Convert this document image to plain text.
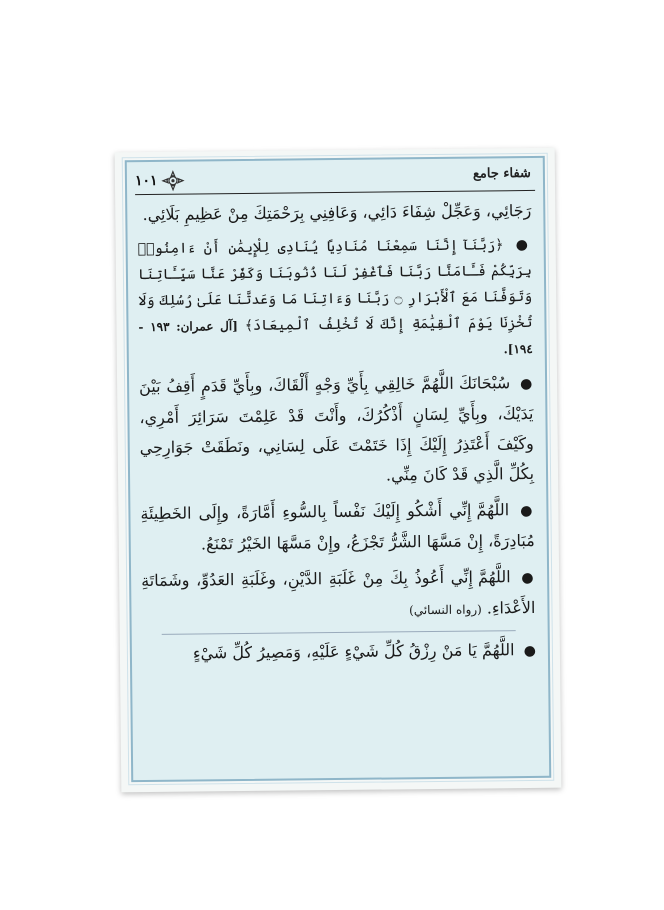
شفاء جامع
١٠١

رَجَائِي، وَعَجِّلْ شِفَاءَ دَائِي، وَعَافِنِي بِرَحْمَتِكَ مِنْ عَظِيمِ بَلَائِي.

● ﴿رَبَّنَآ إِنَّنَا سَمِعْنَا مُنَادِيًا يُنَادِى لِلْإِيمَٰنِ أَنْ ءَامِنُوا۟ بِرَبِّكُمْ فَـَٔامَنَّا رَبَّنَا فَٱغْفِرْ لَنَا ذُنُوبَنَا وَكَفِّرْ عَنَّا سَيِّـَٔاتِنَا وَتَوَفَّنَا مَعَ ٱلْأَبْرَارِ ۝ رَبَّنَا وَءَاتِنَا مَا وَعَدتَّنَا عَلَىٰ رُسُلِكَ وَلَا تُخْزِنَا يَوْمَ ٱلْقِيَٰمَةِ إِنَّكَ لَا تُخْلِفُ ٱلْمِيعَادَ﴾ [آل عمران: ١٩٣ - ١٩٤].

● سُبْحَانَكَ اللَّهُمَّ خَالِقِي بِأَيِّ وَجْهٍ أَلْقَاكَ، وبِأَيِّ قَدَمٍ أَقِفُ بَيْنَ يَدَيْكَ، وبِأَيِّ لِسَانٍ أَذْكُرُكَ، وأَنْتَ قَدْ عَلِمْتَ سَرَائِرَ أَمْرِي، وكَيْفَ أَعْتَذِرُ إِلَيْكَ إِذَا خَتَمْتَ عَلَى لِسَانِي، ونَطَقَتْ جَوَارِحِي بِكُلِّ الَّذِي قَدْ كَانَ مِنِّي.

● اللَّهُمَّ إِنِّي أَشْكُو إِلَيْكَ نَفْساً بِالسُّوءِ أَمَّارَةً، وإِلَى الخَطِيئَةِ مُبَادِرَةً، إِنْ مَسَّهَا الشَّرُّ تَجْزَعُ، وإِنْ مَسَّهَا الخَيْرُ تَمْنَعُ.

● اللَّهُمَّ إِنِّي أَعُوذُ بِكَ مِنْ غَلَبَةِ الدَّيْنِ، وغَلَبَةِ العَدُوِّ، وشَمَاتَةِ الأَعْدَاءِ. (رواه النسائي)

● اللَّهُمَّ يَا مَنْ رِزْقُ كُلِّ شَيْءٍ عَلَيْهِ، وَمَصِيرُ كُلِّ شَيْءٍ
